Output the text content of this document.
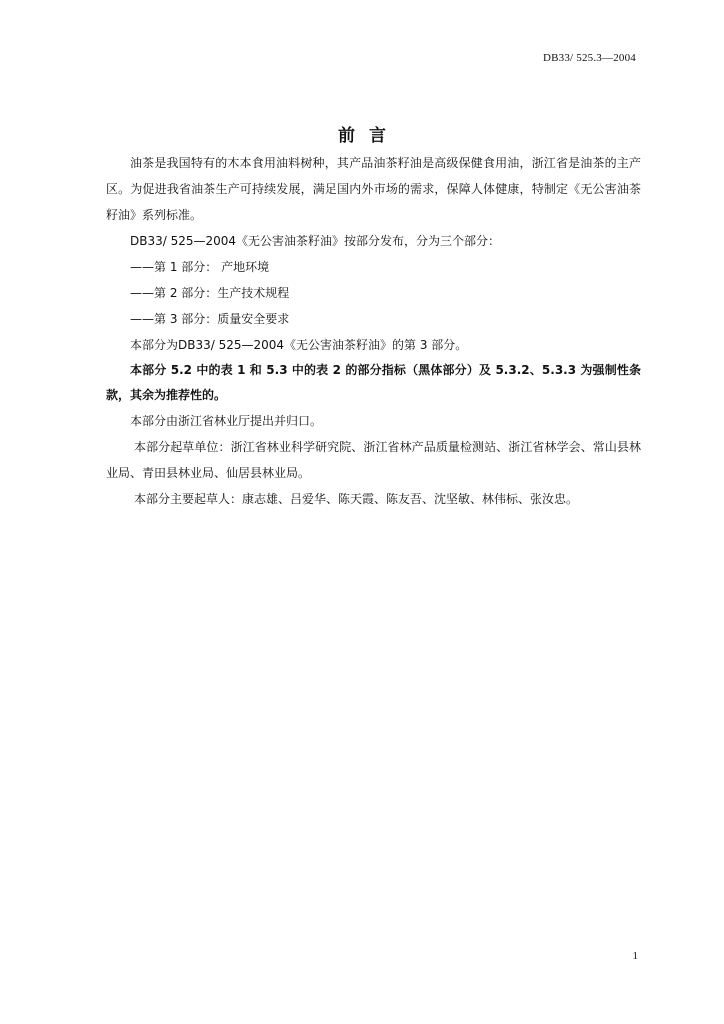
DB33/ 525.3—2004
前言

油茶是我国特有的木本食用油料树种，其产品油茶籽油是高级保健食用油，浙江省是油茶的主产区。为促进我省油茶生产可持续发展，满足国内外市场的需求，保障人体健康，特制定《无公害油茶籽油》系列标准。

DB33/ 525—2004《无公害油茶籽油》按部分发布，分为三个部分：

——第 1 部分： 产地环境

——第 2 部分：生产技术规程

——第 3 部分：质量安全要求

本部分为DB33/ 525—2004《无公害油茶籽油》的第 3 部分。

本部分 5.2 中的表 1 和 5.3 中的表 2 的部分指标（黑体部分）及 5.3.2、5.3.3 为强制性条款，其余为推荐性的。

本部分由浙江省林业厅提出并归口。

本部分起草单位：浙江省林业科学研究院、浙江省林产品质量检测站、浙江省林学会、常山县林业局、青田县林业局、仙居县林业局。

本部分主要起草人：康志雄、吕爱华、陈天霞、陈友吾、沈坚敏、林伟标、张汝忠。

1
